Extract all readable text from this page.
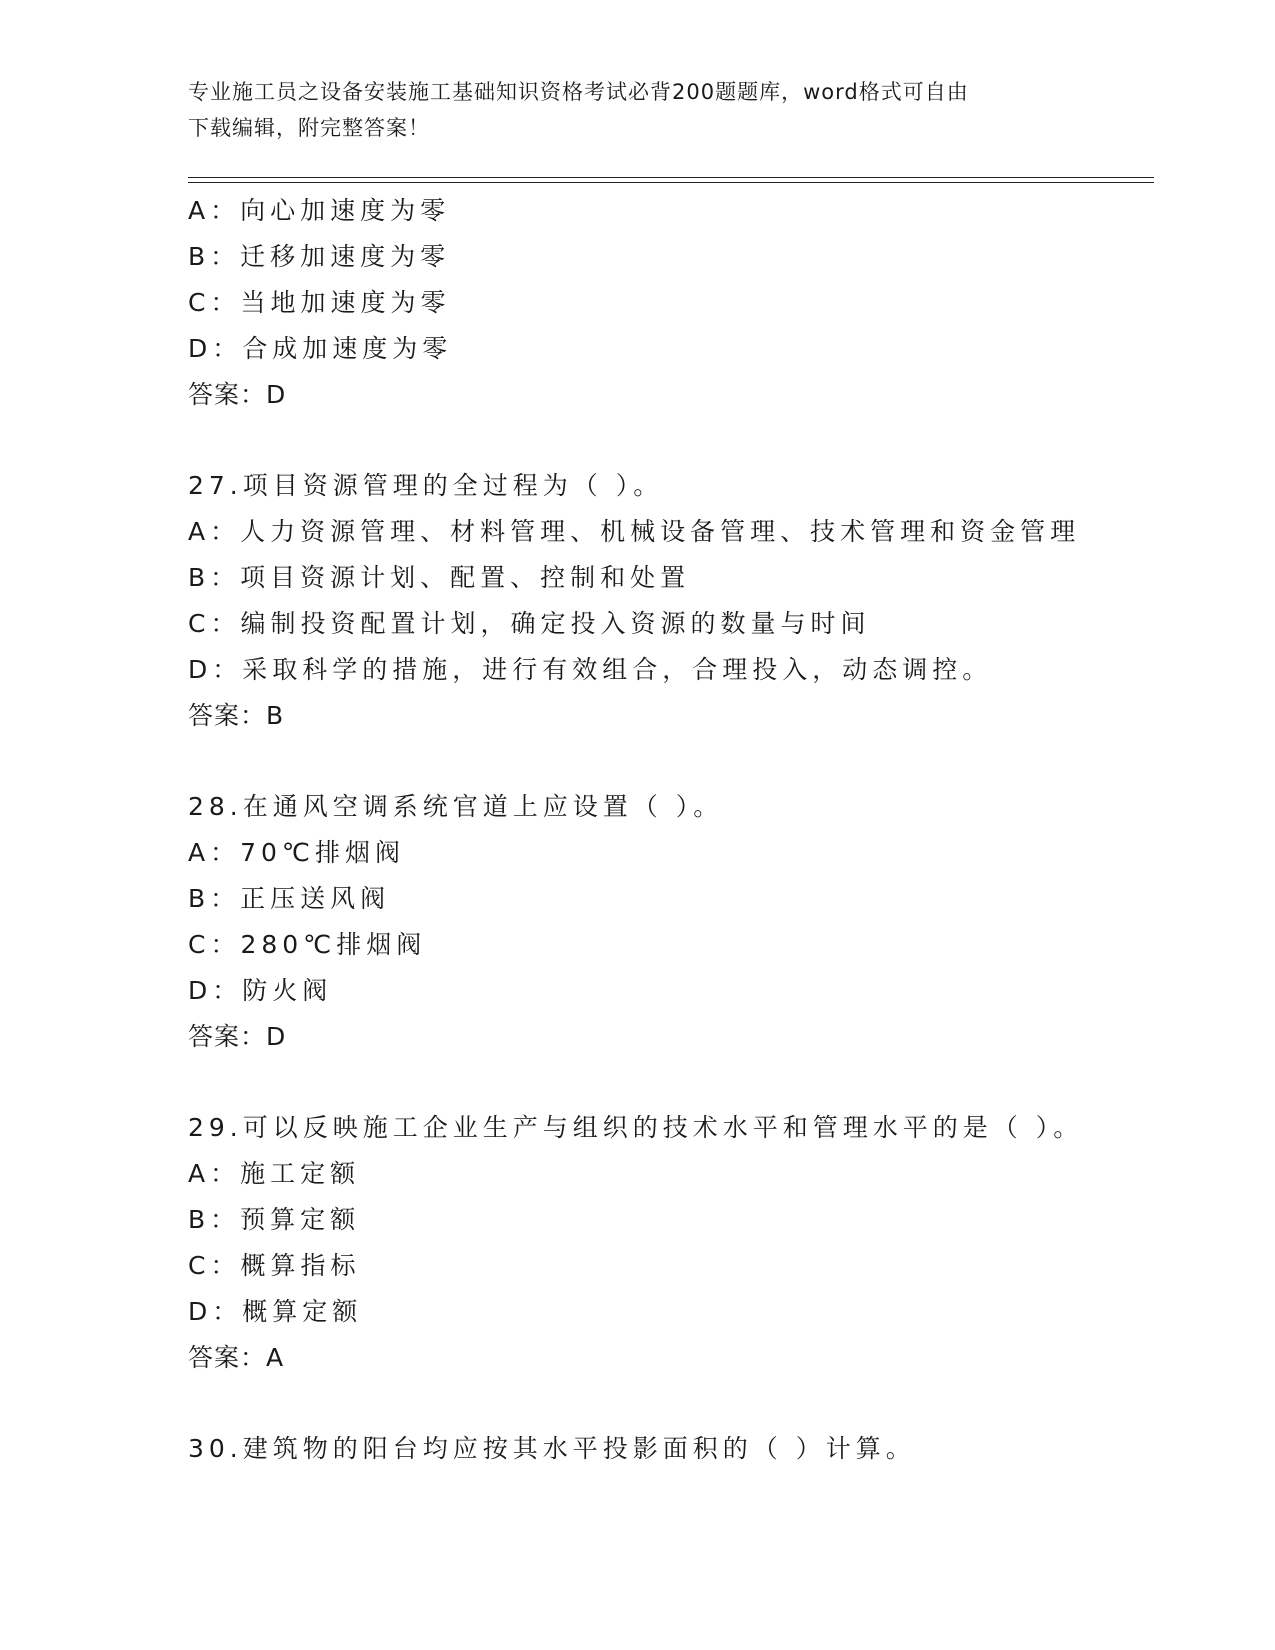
专业施工员之设备安装施工基础知识资格考试必背200题题库，word格式可自由
下载编辑，附完整答案！
A：向心加速度为零
B：迁移加速度为零
C：当地加速度为零
D：合成加速度为零
答案：D
27.项目资源管理的全过程为（ ）。
A：人力资源管理、材料管理、机械设备管理、技术管理和资金管理
B：项目资源计划、配置、控制和处置
C：编制投资配置计划，确定投入资源的数量与时间
D：采取科学的措施，进行有效组合，合理投入，动态调控。
答案：B
28.在通风空调系统官道上应设置（ ）。
A：70℃排烟阀
B：正压送风阀
C：280℃排烟阀
D：防火阀
答案：D
29.可以反映施工企业生产与组织的技术水平和管理水平的是（ ）。
A：施工定额
B：预算定额
C：概算指标
D：概算定额
答案：A
30.建筑物的阳台均应按其水平投影面积的（ ）计算。
